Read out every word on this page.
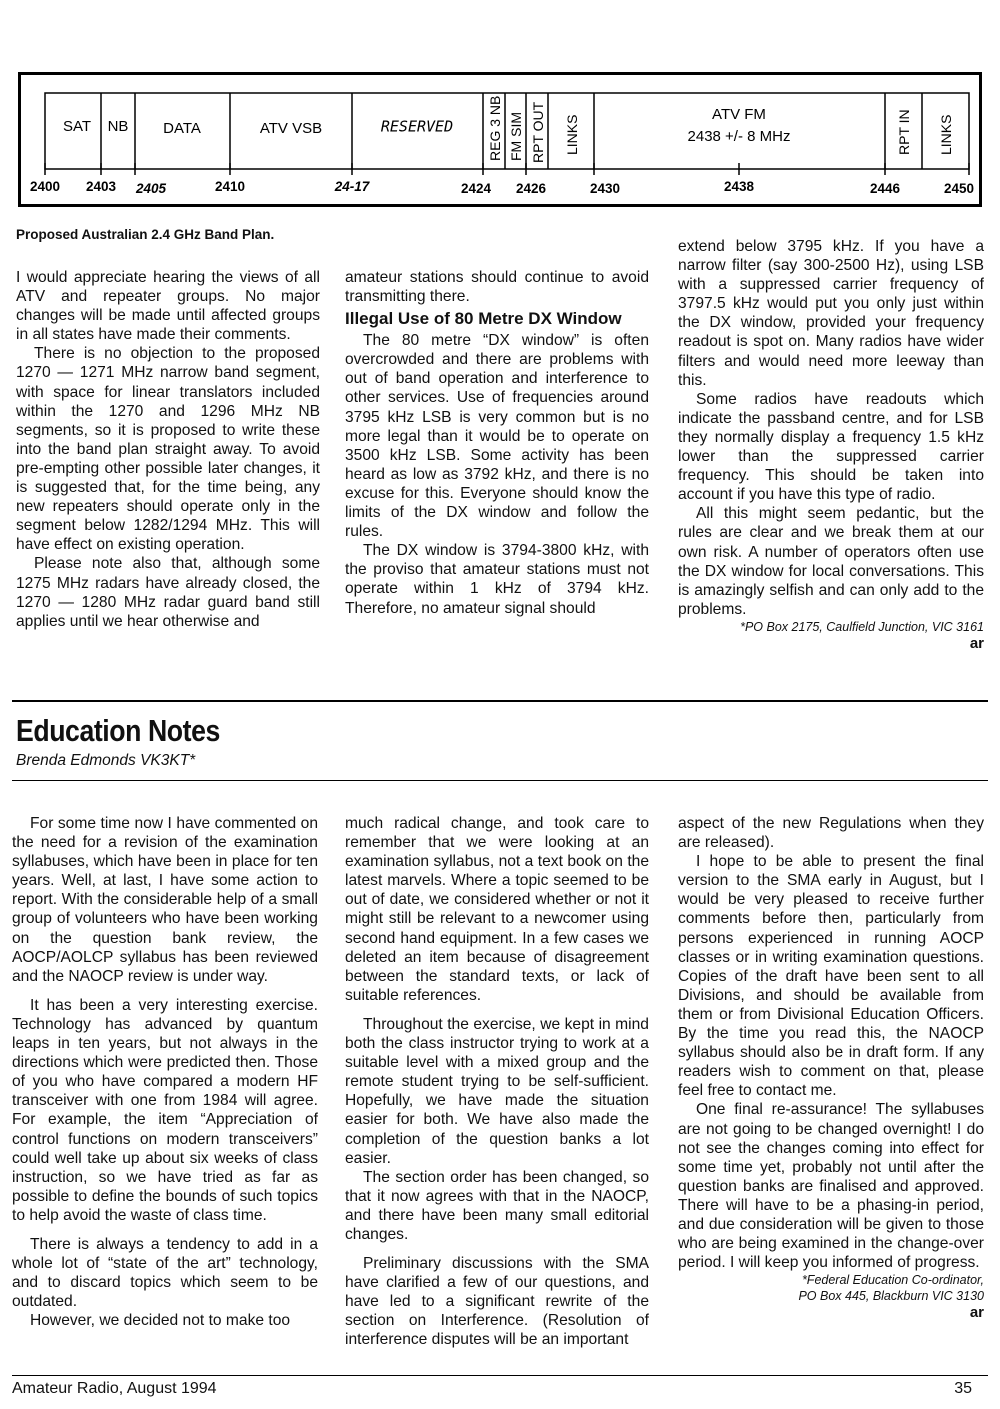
SAT NB DATA	ATV VSB	RESERVED REG 3 NB FM SIM RPT OUT LINKS
ATV FM
2438 +/- 8 MHz	RPT IN LINKS
2400 2403 2405	2410	24-17	2424 2426	2430	2438	2446	2450
Proposed Australian 2.4 GHz Band Plan.

I would appreciate hearing the views of all ATV and repeater groups. No major changes will be made until affected groups in all states have made their comments.

There is no objection to the proposed 1270 — 1271 MHz narrow band segment, with space for linear translators included within the 1270 and 1296 MHz NB segments, so it is proposed to write these into the band plan straight away. To avoid pre-empting other possible later changes, it is suggested that, for the time being, any new repeaters should operate only in the segment below 1282/1294 MHz. This will have effect on existing operation.

Please note also that, although some 1275 MHz radars have already closed, the 1270 — 1280 MHz radar guard band still applies until we hear otherwise and

amateur stations should continue to avoid transmitting there.

Illegal Use of 80 Metre DX Window

The 80 metre “DX window” is often overcrowded and there are problems with out of band operation and interference to other services. Use of frequencies around 3795 kHz LSB is very common but is no more legal than it would be to operate on 3500 kHz LSB. Some activity has been heard as low as 3792 kHz, and there is no excuse for this. Everyone should know the limits of the DX window and follow the rules.

The DX window is 3794-3800 kHz, with the proviso that amateur stations must not operate within 1 kHz of 3794 kHz. Therefore, no amateur signal should

extend below 3795 kHz. If you have a narrow filter (say 300-2500 Hz), using LSB with a suppressed carrier frequency of 3797.5 kHz would put you only just within the DX window, provided your frequency readout is spot on. Many radios have wider filters and would need more leeway than this.

Some radios have readouts which indicate the passband centre, and for LSB they normally display a frequency 1.5 kHz lower than the suppressed carrier frequency. This should be taken into account if you have this type of radio.

All this might seem pedantic, but the rules are clear and we break them at our own risk. A number of operators often use the DX window for local conversations. This is amazingly selfish and can only add to the problems.

*PO Box 2175, Caulfield Junction, VIC 3161
ar
Education Notes
Brenda Edmonds VK3KT*

For some time now I have commented on the need for a revision of the examination syllabuses, which have been in place for ten years. Well, at last, I have some action to report. With the considerable help of a small group of volunteers who have been working on the question bank review, the AOCP/AOLCP syllabus has been reviewed and the NAOCP review is under way.

It has been a very interesting exercise. Technology has advanced by quantum leaps in ten years, but not always in the directions which were predicted then. Those of you who have compared a modern HF transceiver with one from 1984 will agree. For example, the item “Appreciation of control functions on modern transceivers” could well take up about six weeks of class instruction, so we have tried as far as possible to define the bounds of such topics to help avoid the waste of class time.

There is always a tendency to add in a whole lot of “state of the art” technology, and to discard topics which seem to be outdated.

However, we decided not to make too

much radical change, and took care to remember that we were looking at an examination syllabus, not a text book on the latest marvels. Where a topic seemed to be out of date, we considered whether or not it might still be relevant to a newcomer using second hand equipment. In a few cases we deleted an item because of disagreement between the standard texts, or lack of suitable references.

Throughout the exercise, we kept in mind both the class instructor trying to work at a suitable level with a mixed group and the remote student trying to be self-sufficient. Hopefully, we have made the situation easier for both. We have also made the completion of the question banks a lot easier.

The section order has been changed, so that it now agrees with that in the NAOCP, and there have been many small editorial changes.

Preliminary discussions with the SMA have clarified a few of our questions, and have led to a significant rewrite of the section on Interference. (Resolution of interference disputes will be an important

aspect of the new Regulations when they are released).

I hope to be able to present the final version to the SMA early in August, but I would be very pleased to receive further comments before then, particularly from persons experienced in running AOCP classes or in writing examination questions. Copies of the draft have been sent to all Divisions, and should be available from them or from Divisional Education Officers. By the time you read this, the NAOCP syllabus should also be in draft form. If any readers wish to comment on that, please feel free to contact me.

One final re-assurance! The syllabuses are not going to be changed overnight! I do not see the changes coming into effect for some time yet, probably not until after the question banks are finalised and approved. There will have to be a phasing-in period, and due consideration will be given to those who are being examined in the change-over period. I will keep you informed of progress.

*Federal Education Co-ordinator,
PO Box 445, Blackburn VIC 3130
ar
Amateur Radio, August 1994	35
